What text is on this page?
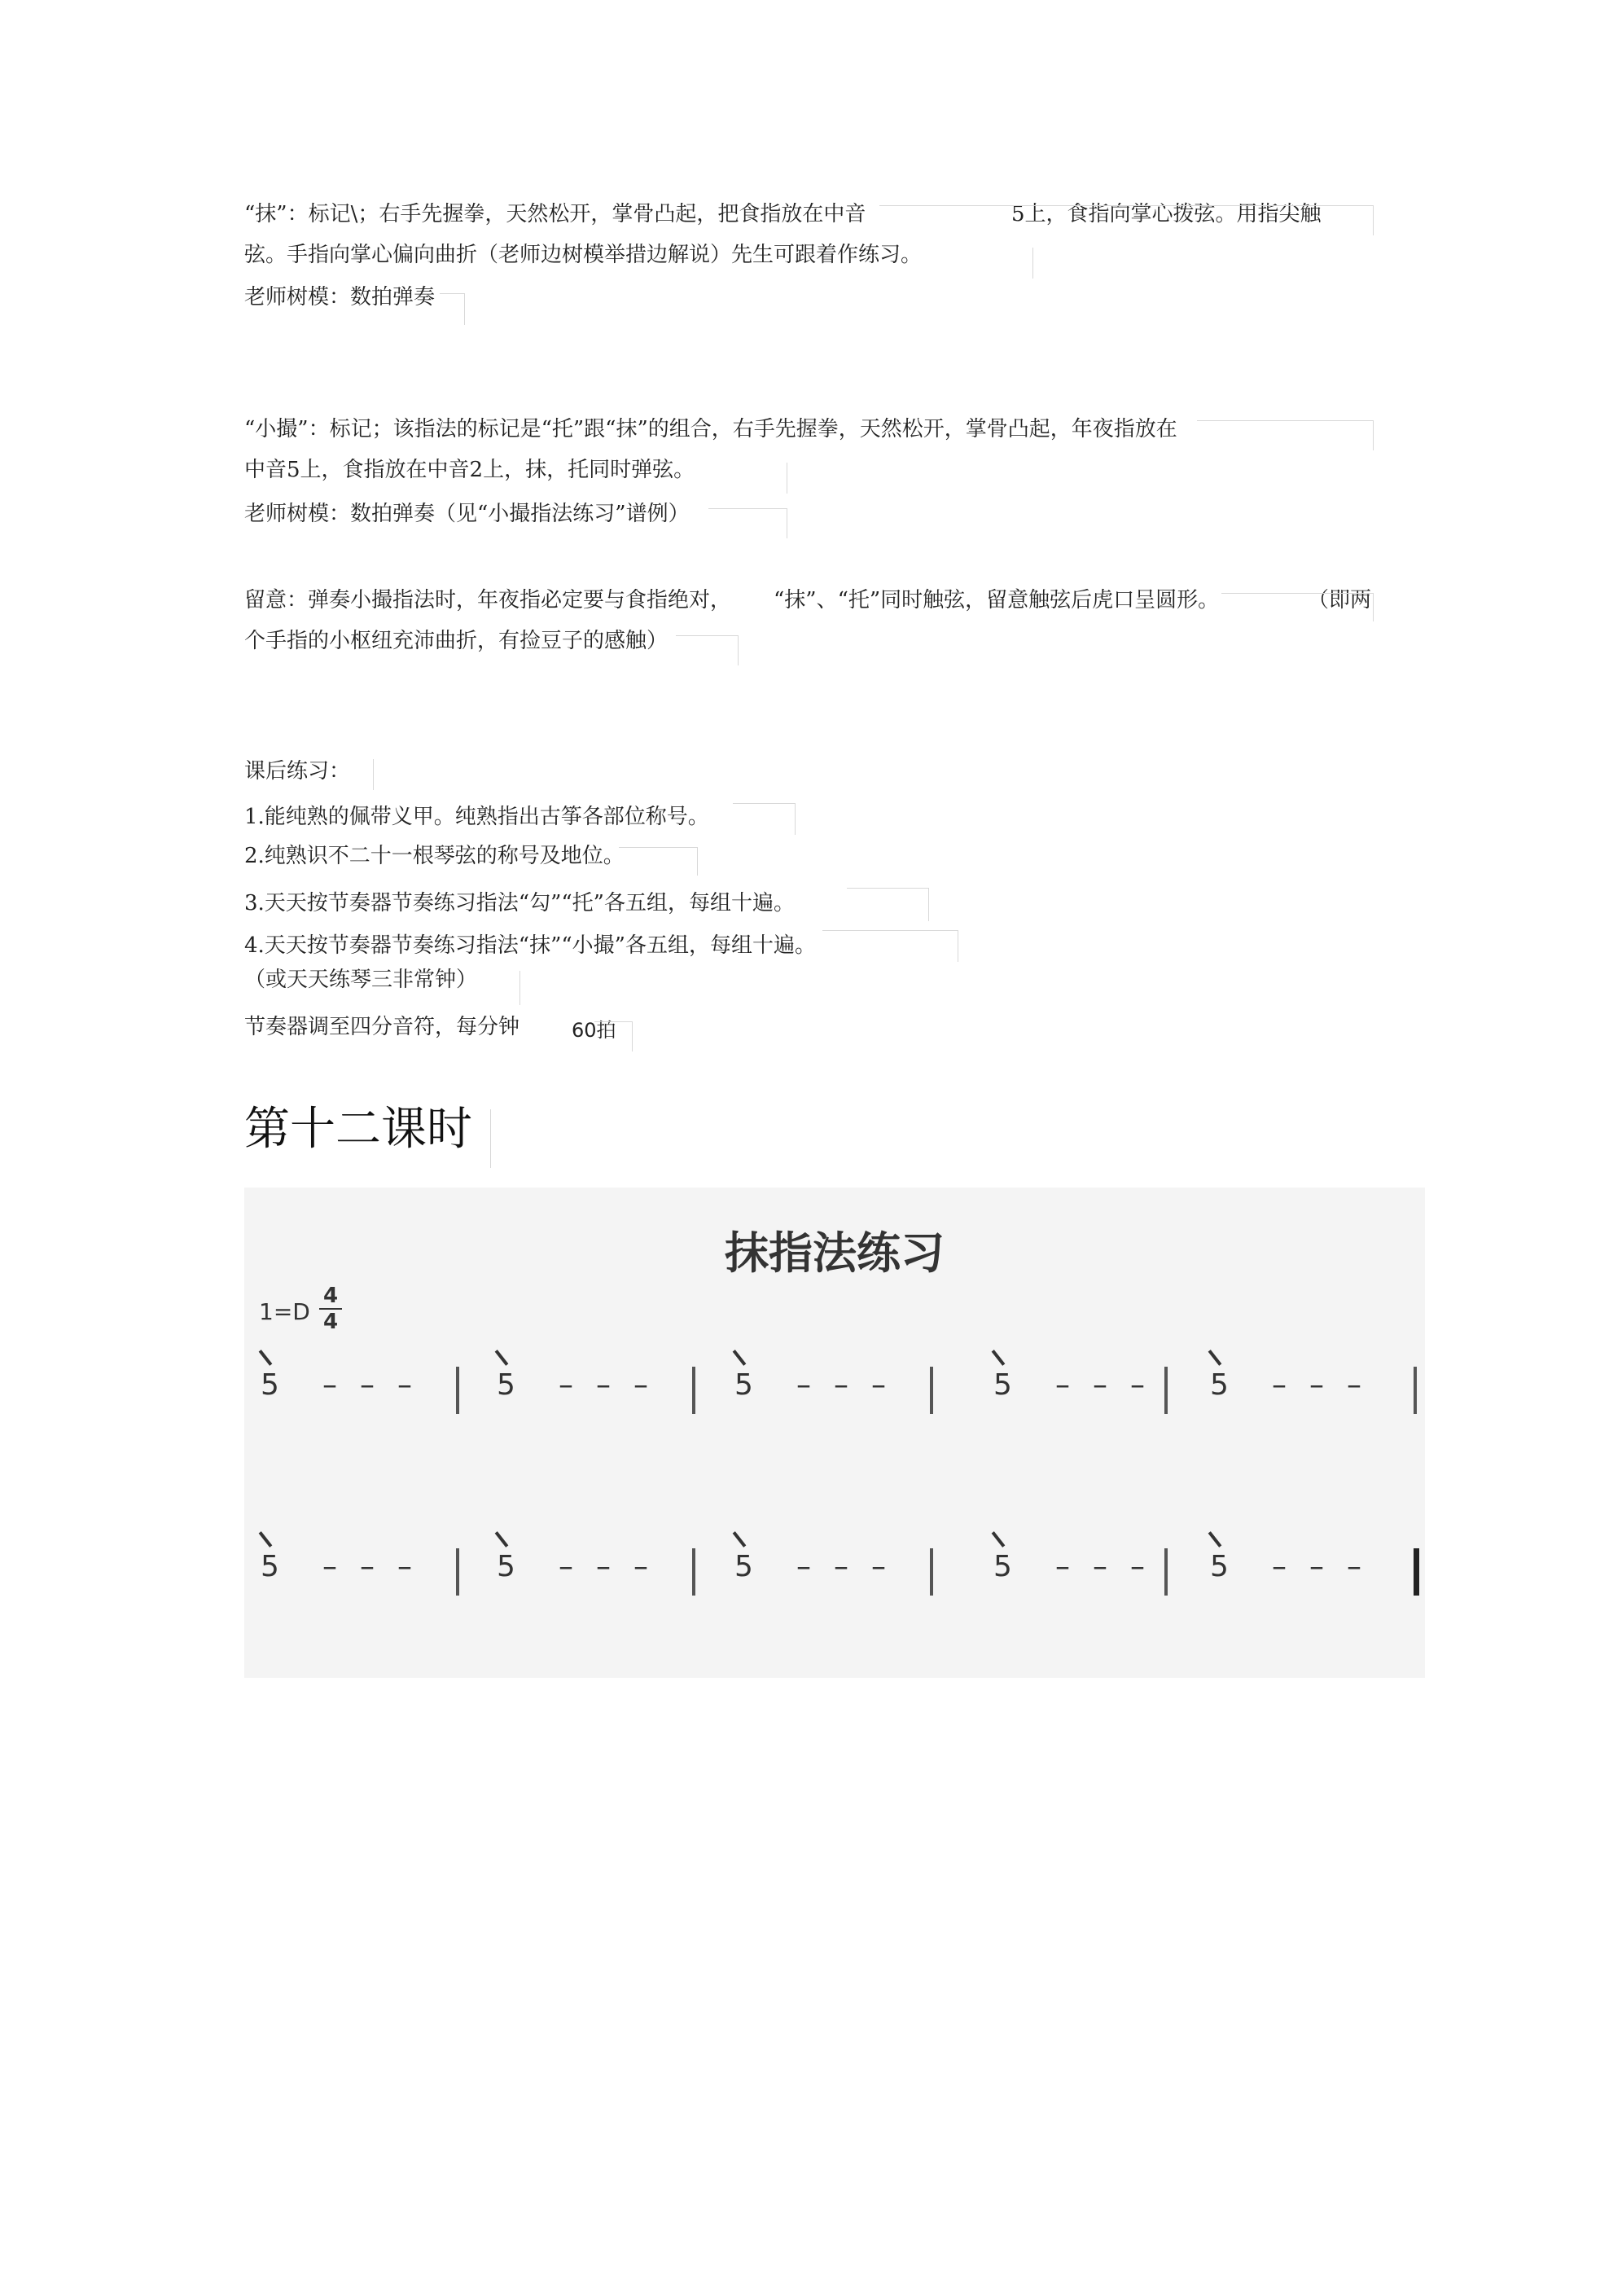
“抹”：标记\；右手先握拳，天然松开，掌骨凸起，把食指放在中音	5上，食指向掌心拨弦。用指尖触
弦。手指向掌心偏向曲折（老师边树模举措边解说）先生可跟着作练习。
老师树模：数拍弹奏
“小撮”：标记；该指法的标记是“托”跟“抹”的组合，右手先握拳，天然松开，掌骨凸起，年夜指放在
中音5上，食指放在中音2上，抹，托同时弹弦。
老师树模：数拍弹奏（见“小撮指法练习”谱例）
留意：弹奏小撮指法时，年夜指必定要与食指绝对， “抹”、“托”同时触弦，留意触弦后虎口呈圆形。	（即两
个手指的小枢纽充沛曲折，有捡豆子的感触）
课后练习：
1.能纯熟的佩带义甲。纯熟指出古筝各部位称号。
2.纯熟识不二十一根琴弦的称号及地位。
3.天天按节奏器节奏练习指法“勾”“托”各五组，每组十遍。
4.天天按节奏器节奏练习指法“抹”“小撮”各五组，每组十遍。
（或天天练琴三非常钟）
节奏器调至四分音符，每分钟	60拍
第十二课时
抹指法练习
1=D
4
4
5 – – –	5 – – –	5 – – –	5 – – – 5 – – –
5 – – –	5 – – –	5 – – –	5 – – – 5 – – –
